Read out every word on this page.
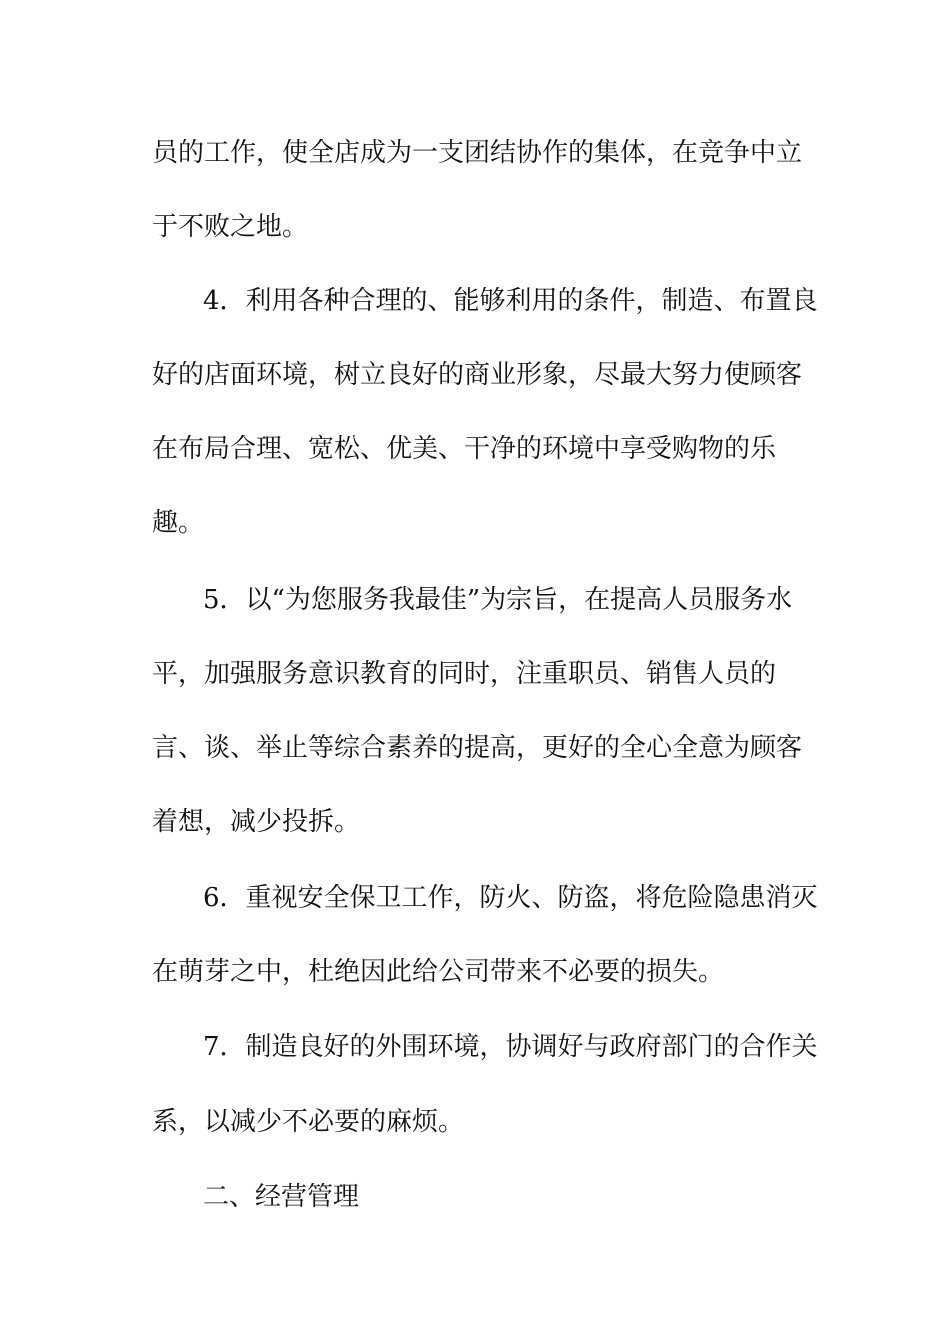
员的工作，使全店成为一支团结协作的集体，在竞争中立
于不败之地。
4．利用各种合理的、能够利用的条件，制造、布置良
好的店面环境，树立良好的商业形象，尽最大努力使顾客
在布局合理、宽松、优美、干净的环境中享受购物的乐
趣。
5．以“为您服务我最佳”为宗旨，在提高人员服务水
平，加强服务意识教育的同时，注重职员、销售人员的
言、谈、举止等综合素养的提高，更好的全心全意为顾客
着想，减少投拆。
6．重视安全保卫工作，防火、防盗，将危险隐患消灭
在萌芽之中，杜绝因此给公司带来不必要的损失。
7．制造良好的外围环境，协调好与政府部门的合作关
系，以减少不必要的麻烦。
二、经营管理
